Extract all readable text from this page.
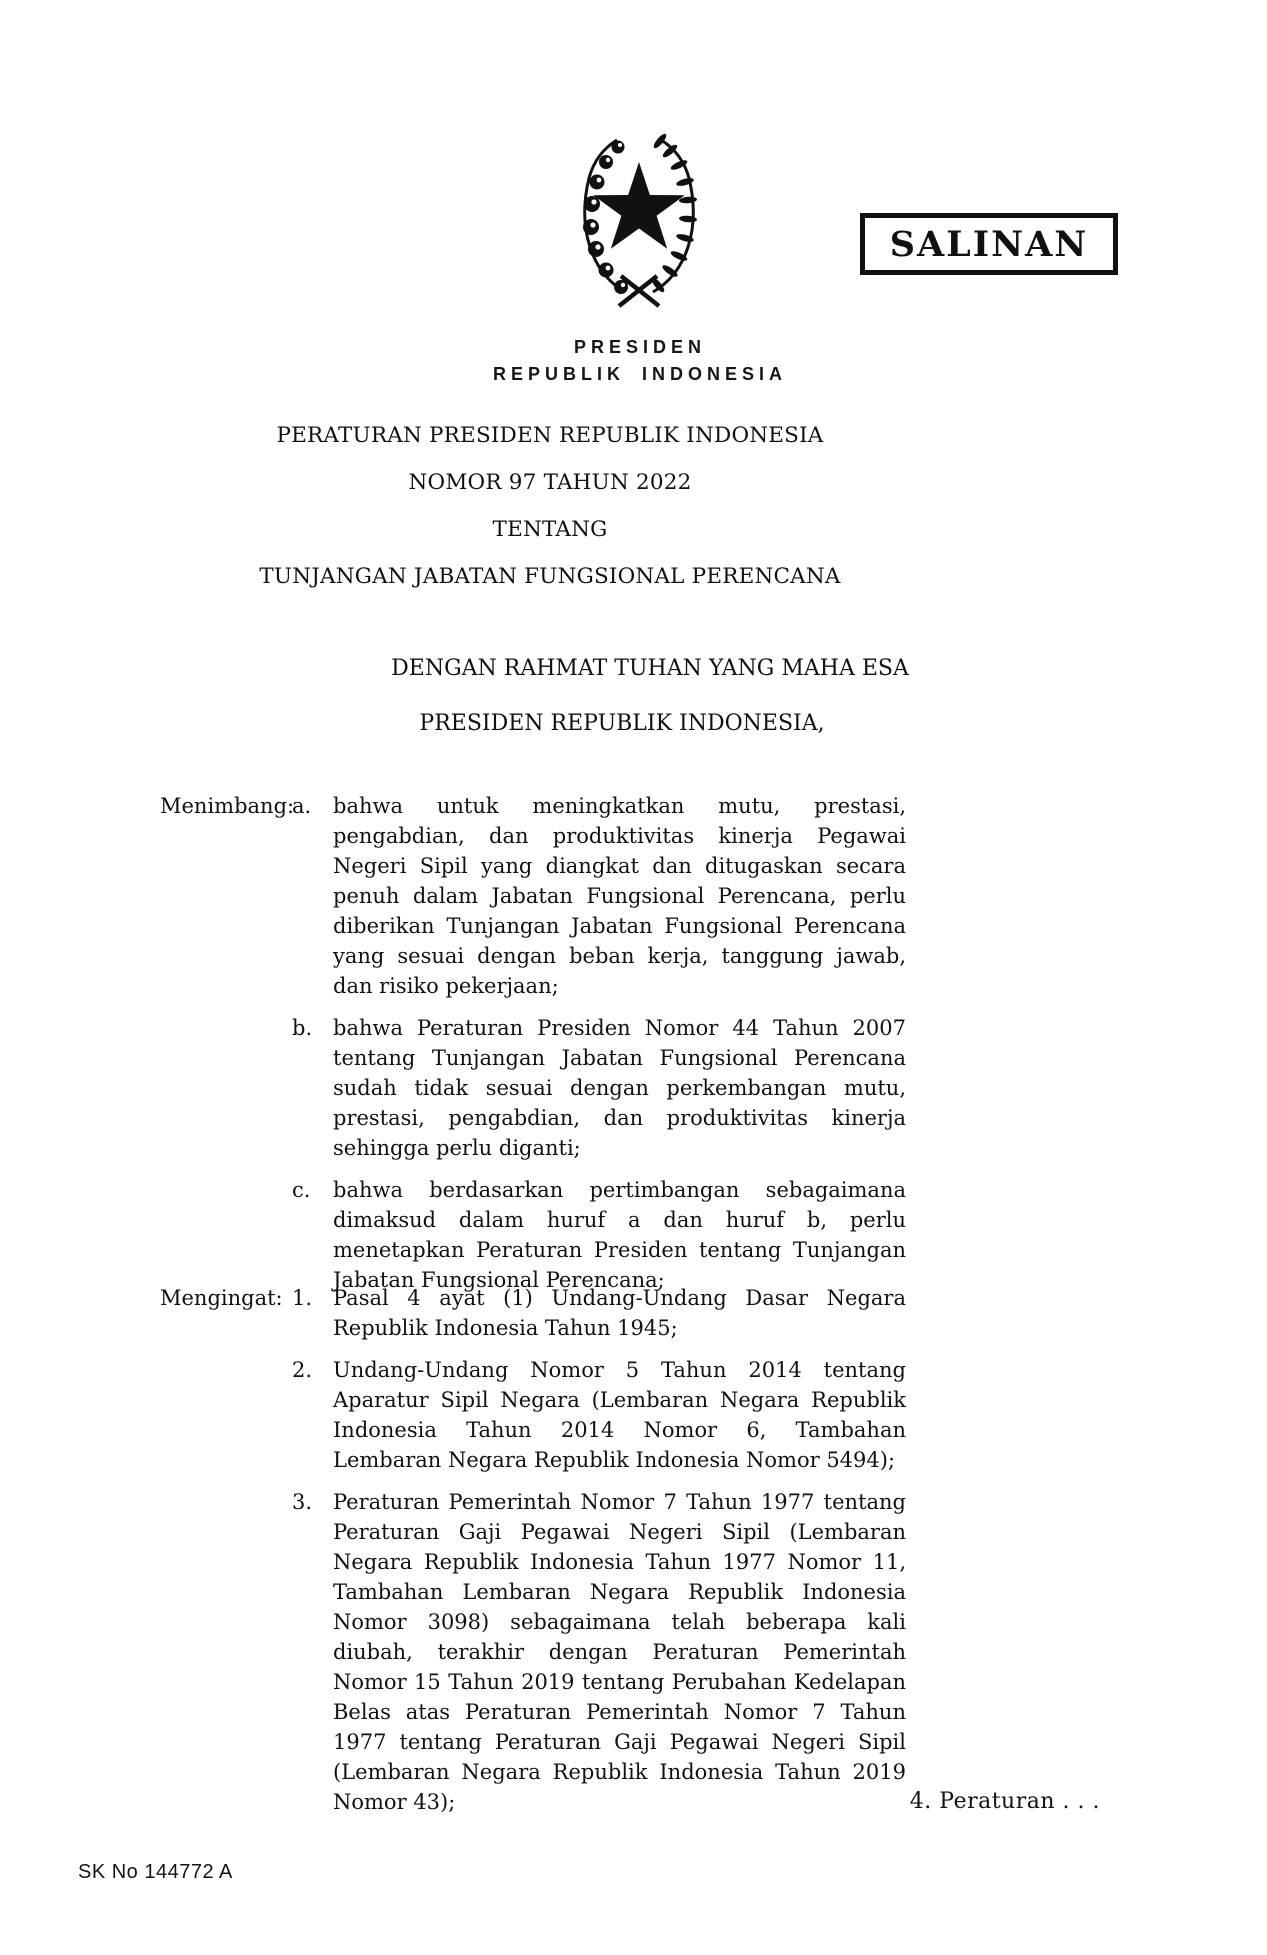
SALINAN
PRESIDEN
REPUBLIK INDONESIA
PERATURAN PRESIDEN REPUBLIK INDONESIA
NOMOR 97 TAHUN 2022
TENTANG
TUNJANGAN JABATAN FUNGSIONAL PERENCANA
DENGAN RAHMAT TUHAN YANG MAHA ESA
PRESIDEN REPUBLIK INDONESIA,
Menimbang:
a.	bahwa untuk meningkatkan mutu, prestasi, pengabdian, dan produktivitas kinerja Pegawai Negeri Sipil yang diangkat dan ditugaskan secara penuh dalam Jabatan Fungsional Perencana, perlu diberikan Tunjangan Jabatan Fungsional Perencana yang sesuai dengan beban kerja, tanggung jawab, dan risiko pekerjaan;
b. bahwa Peraturan Presiden Nomor 44 Tahun 2007 tentang Tunjangan Jabatan Fungsional Perencana sudah tidak sesuai dengan perkembangan mutu, prestasi, pengabdian, dan produktivitas kinerja sehingga perlu diganti;
c.	bahwa berdasarkan pertimbangan sebagaimana dimaksud dalam huruf a dan huruf b, perlu menetapkan Peraturan Presiden tentang Tunjangan Jabatan Fungsional Perencana;
Mengingat: 1. Pasal 4 ayat (1) Undang-Undang Dasar Negara Republik Indonesia Tahun 1945;
2. Undang-Undang Nomor 5 Tahun 2014 tentang Aparatur Sipil Negara (Lembaran Negara Republik Indonesia Tahun 2014 Nomor 6, Tambahan Lembaran Negara Republik Indonesia Nomor 5494);
3. Peraturan Pemerintah Nomor 7 Tahun 1977 tentang Peraturan Gaji Pegawai Negeri Sipil (Lembaran Negara Republik Indonesia Tahun 1977 Nomor 11, Tambahan Lembaran Negara Republik Indonesia Nomor 3098) sebagaimana telah beberapa kali diubah, terakhir dengan Peraturan Pemerintah Nomor 15 Tahun 2019 tentang Perubahan Kedelapan Belas atas Peraturan Pemerintah Nomor 7 Tahun 1977 tentang Peraturan Gaji Pegawai Negeri Sipil (Lembaran Negara Republik Indonesia Tahun 2019 Nomor 43);	4. Peraturan . . .
SK No 144772 A
